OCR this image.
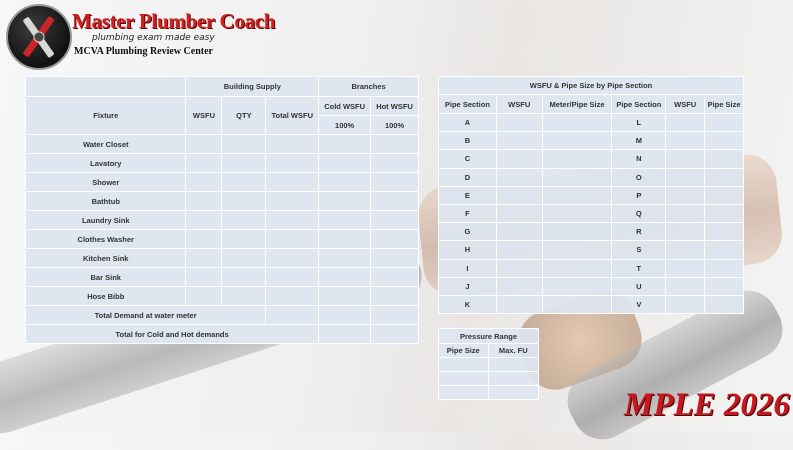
Master Plumber Coach
plumbing exam made easy
MCVA Plumbing Review Center
	Building Supply			Branches	
Fixture	WSFU	QTY	Total WSFU	Cold WSFU	Hot WSFU
				100%	100%
Water Closet					
Lavatory					
Shower					
Bathtub					
Laundry Sink					
Clothes Washer					
Kitchen Sink					
Bar Sink					
Hose Bibb					
Total Demand at water meter					
Total for Cold and Hot demands					
WSFU & Pipe Size by Pipe Section					
Pipe Section	WSFU	Meter/Pipe Size	Pipe Section	WSFU	Pipe Size
A			L		
B			M		
C			N		
D			O		
E			P		
F			Q		
G			R		
H			S		
I			T		
J			U		
K			V		
Pressure Range	
Pipe Size	Max. FU

MPLE 2026
